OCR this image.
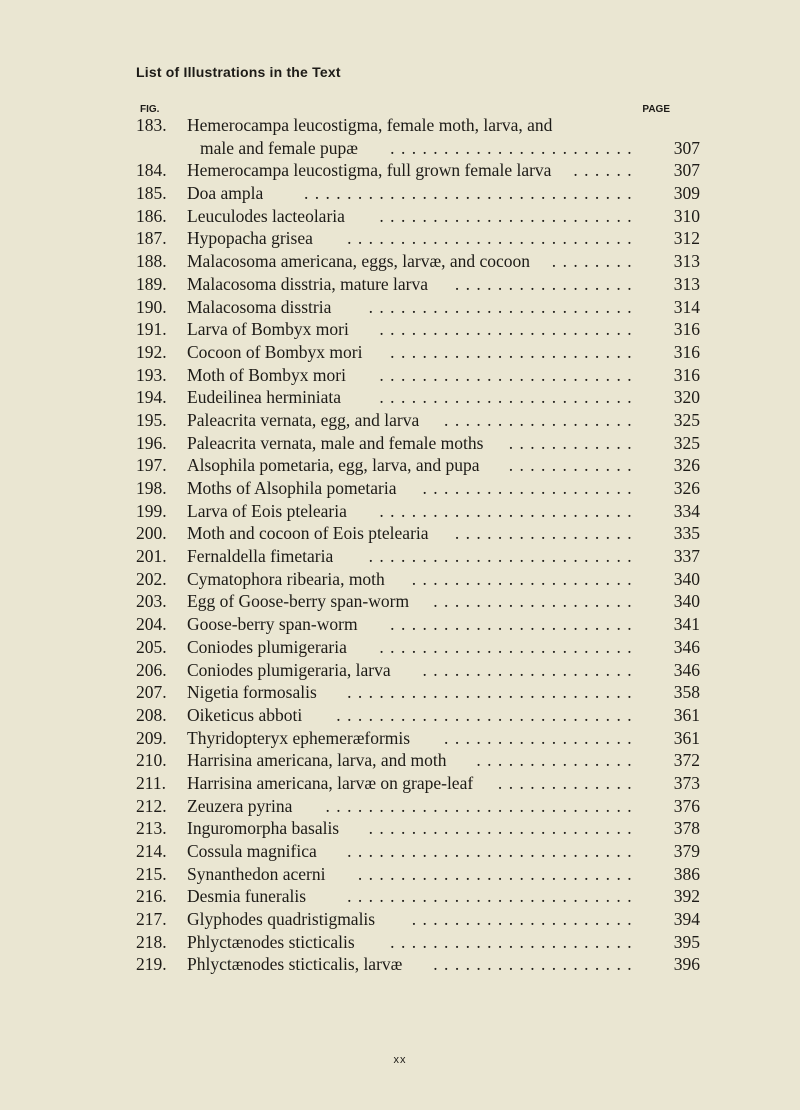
List of Illustrations in the Text
FIG.	PAGE
183. Hemerocampa leucostigma, female moth, larva, and
male and female pupæ .......................	307
184. Hemerocampa leucostigma, full grown female larva ......	307
185. Doa ampla ...............................	309
186. Leuculodes lacteolaria ........................	310
187. Hypopacha grisea ...........................	312
188. Malacosoma americana, eggs, larvæ, and cocoon ........	313
189. Malacosoma disstria, mature larva .................	313
190. Malacosoma disstria .........................	314
191. Larva of Bombyx mori ........................	316
192. Cocoon of Bombyx mori .......................	316
193. Moth of Bombyx mori ........................	316
194. Eudeilinea herminiata ........................	320
195. Paleacrita vernata, egg, and larva ..................	325
196. Paleacrita vernata, male and female moths ............	325
197. Alsophila pometaria, egg, larva, and pupa ............	326
198. Moths of Alsophila pometaria ....................	326
199. Larva of Eois ptelearia ........................	334
200. Moth and cocoon of Eois ptelearia .................	335
201. Fernaldella fimetaria .........................	337
202. Cymatophora ribearia, moth .....................	340
203. Egg of Goose-berry span-worm ...................	340
204. Goose-berry span-worm .......................	341
205. Coniodes plumigeraria ........................	346
206. Coniodes plumigeraria, larva ....................	346
207. Nigetia formosalis ...........................	358
208. Oiketicus abboti ............................	361
209. Thyridopteryx ephemeræformis ..................	361
210. Harrisina americana, larva, and moth ...............	372
211. Harrisina americana, larvæ on grape-leaf .............	373
212. Zeuzera pyrina .............................	376
213. Inguromorpha basalis .........................	378
214. Cossula magnifica ...........................	379
215. Synanthedon acerni ..........................	386
216. Desmia funeralis ...........................	392
217. Glyphodes quadristigmalis .....................	394
218. Phlyctænodes sticticalis .......................	395
219. Phlyctænodes sticticalis, larvæ ...................	396
xx
